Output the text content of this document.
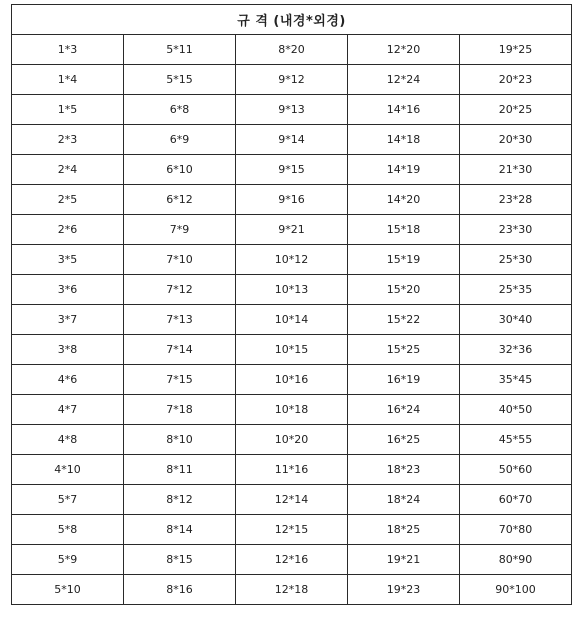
규 격 (내경*외경)				
1*3	5*11	8*20	12*20	19*25
1*4	5*15	9*12	12*24	20*23
1*5	6*8	9*13	14*16	20*25
2*3	6*9	9*14	14*18	20*30
2*4	6*10	9*15	14*19	21*30
2*5	6*12	9*16	14*20	23*28
2*6	7*9	9*21	15*18	23*30
3*5	7*10	10*12	15*19	25*30
3*6	7*12	10*13	15*20	25*35
3*7	7*13	10*14	15*22	30*40
3*8	7*14	10*15	15*25	32*36
4*6	7*15	10*16	16*19	35*45
4*7	7*18	10*18	16*24	40*50
4*8	8*10	10*20	16*25	45*55
4*10	8*11	11*16	18*23	50*60
5*7	8*12	12*14	18*24	60*70
5*8	8*14	12*15	18*25	70*80
5*9	8*15	12*16	19*21	80*90
5*10	8*16	12*18	19*23	90*100
